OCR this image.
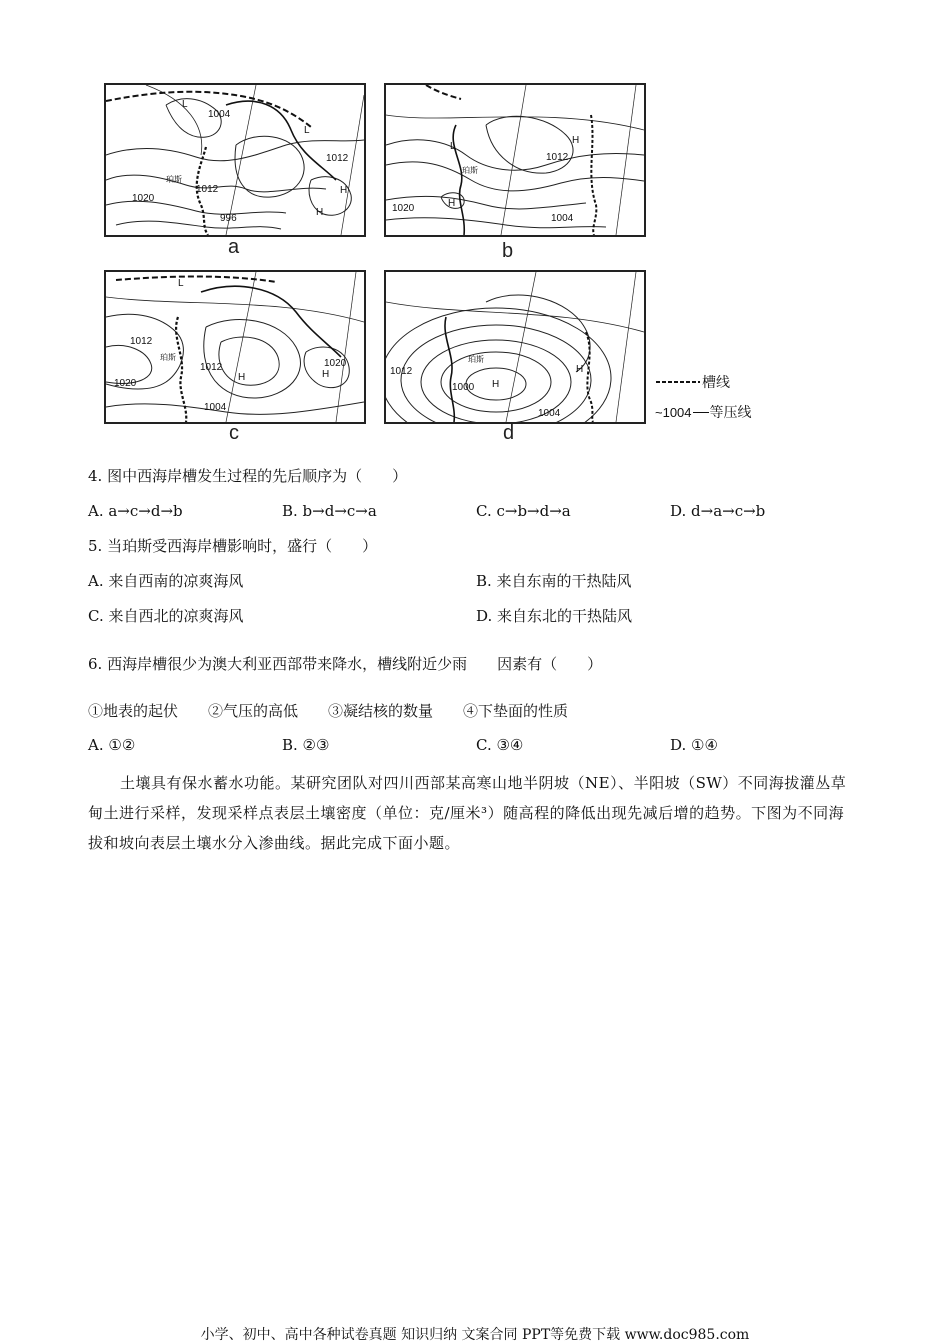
1004
1012
1020
1012
996
珀斯
L
L
H
H
a
1012
1020
1004
珀斯
L
H
H
b
1012
1012	1020
1020
1004
珀斯
L
H	H
c
1012
1000
1004
珀斯
H
H
d
槽线
~ 1004 等压线
4. 图中西海岸槽发生过程的先后顺序为（　　）
A. a→c→d→b	B. b→d→c→a	C. c→b→d→a	D. d→a→c→b
5. 当珀斯受西海岸槽影响时，盛行（　　）
A. 来自西南的凉爽海风	B. 来自东南的干热陆风
C. 来自西北的凉爽海风	D. 来自东北的干热陆风
6. 西海岸槽很少为澳大利亚西部带来降水，槽线附近少雨　　因素有（　　）
①地表的起伏　　②气压的高低　　③凝结核的数量　　④下垫面的性质
A. ①②	B. ②③	C. ③④	D. ①④
土壤具有保水蓄水功能。某研究团队对四川西部某高寒山地半阴坡（NE）、半阳坡（SW）不同海拔灌丛草甸土进行采样，发现采样点表层土壤密度（单位：克/厘米³）随高程的降低出现先减后增的趋势。下图为不同海拔和坡向表层土壤水分入渗曲线。据此完成下面小题。
小学、初中、高中各种试卷真题 知识归纳 文案合同 PPT等免费下载 www.doc985.com
